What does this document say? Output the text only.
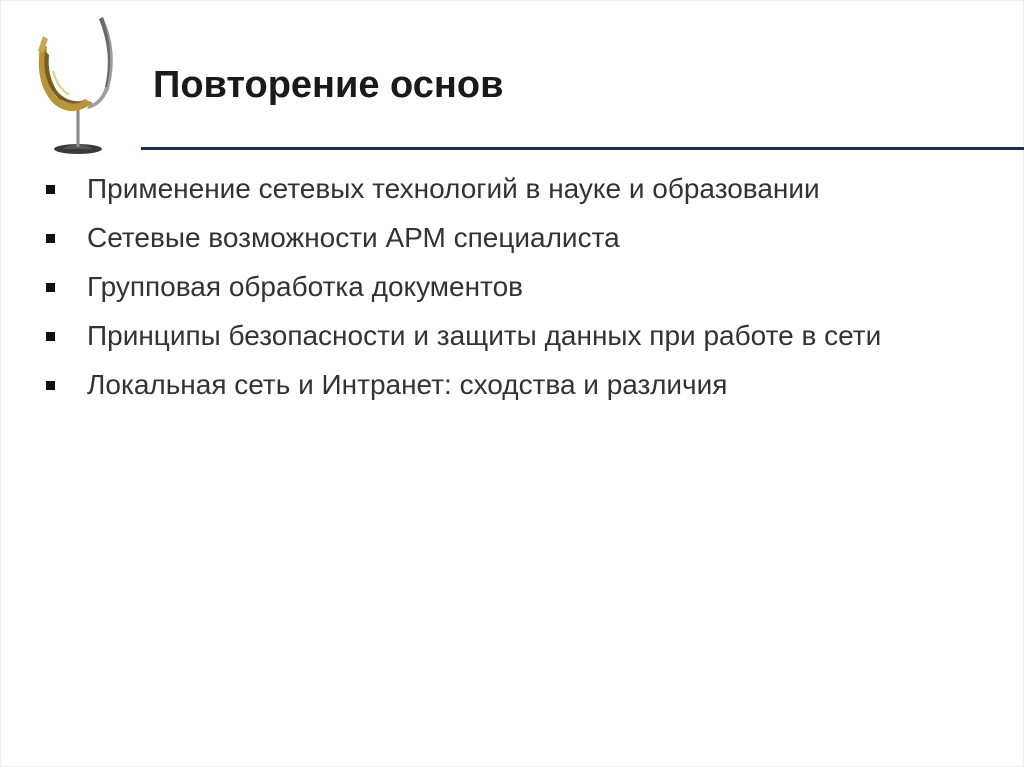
Повторение основ
Применение сетевых технологий в науке и образовании
Сетевые возможности АРМ специалиста
Групповая обработка документов
Принципы безопасности и защиты данных при работе в сети
Локальная сеть и Интранет: сходства и различия
